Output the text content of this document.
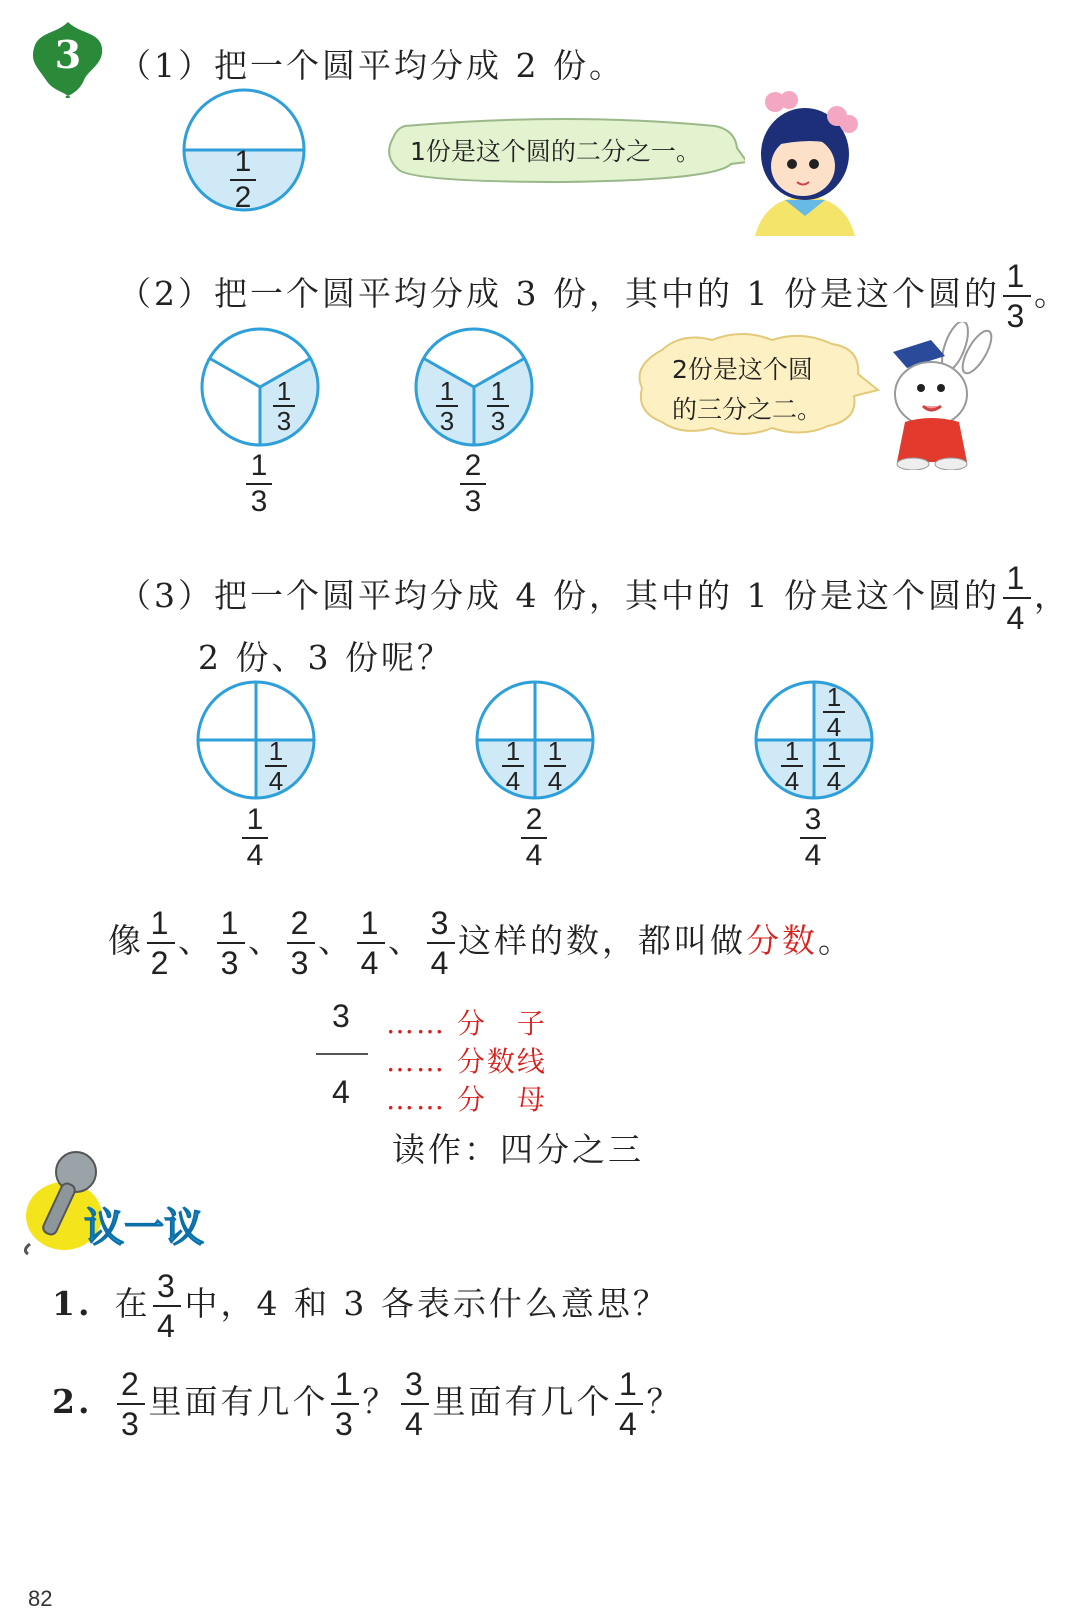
3	（1）把一个圆平均分成 2 份。
1
2
1份是这个圆的二分之一。
（2）把一个圆平均分成 3 份，其中的 1 份是这个圆的 $\frac{1}{3}$ 。
1
3
1
3
1
3
1
3
2
3
2份是这个圆
的三分之二。
（3）把一个圆平均分成 4 份，其中的 1 份是这个圆的 $\frac{1}{4}$ ，
2 份、3 份呢？
1
4
1
4
1
4
1
4
2
4
1
4
1
4
1
4
3
4
像 $\frac{1}{2}$ 、 $\frac{1}{3}$ 、 $\frac{2}{3}$ 、 $\frac{1}{4}$ 、 $\frac{3}{4}$ 这样的数，都叫做分数。
3
4
…… 分　子
…… 分数线
…… 分　母
读作：四分之三
议一议
1. 在 $\frac{3}{4}$ 中，4 和 3 各表示什么意思？
2. $\frac{2}{3}$ 里面有几个 $\frac{1}{3}$ ？ $\frac{3}{4}$ 里面有几个 $\frac{1}{4}$ ？
82
